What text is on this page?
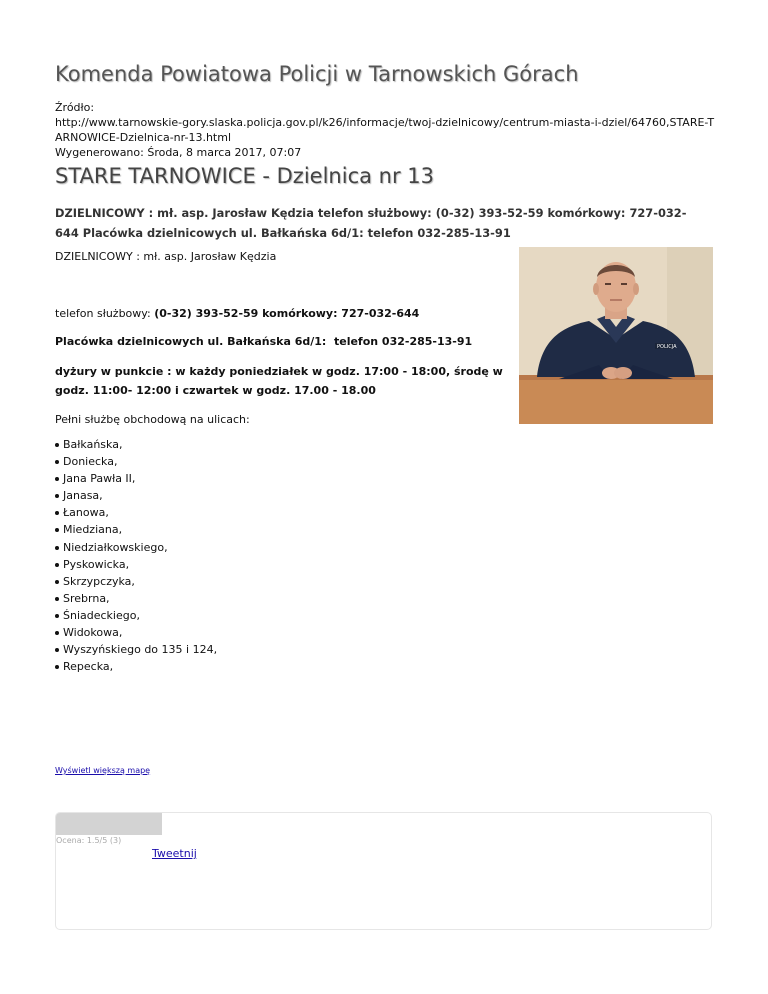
Komenda Powiatowa Policji w Tarnowskich Górach
Źródło:
http://www.tarnowskie-gory.slaska.policja.gov.pl/k26/informacje/twoj-dzielnicowy/centrum-miasta-i-dziel/64760,STARE-TARNOWICE-Dzielnica-nr-13.html
Wygenerowano: Środa, 8 marca 2017, 07:07
STARE TARNOWICE - Dzielnica nr 13
DZIELNICOWY : mł. asp. Jarosław Kędzia telefon służbowy: (0-32) 393-52-59 komórkowy: 727-032-644 Placówka dzielnicowych ul. Bałkańska 6d/1: telefon 032-285-13-91
DZIELNICOWY : mł. asp. Jarosław Kędzia
telefon służbowy: (0-32) 393-52-59 komórkowy: 727-032-644
Placówka dzielnicowych ul. Bałkańska 6d/1:  telefon 032-285-13-91
dyżury w punkcie : w każdy poniedziałek w godz. 17:00 - 18:00, środę w godz. 11:00- 12:00 i czwartek w godz. 17.00 - 18.00
Pełni służbę obchodową na ulicach:
Bałkańska,
Doniecka,
Jana Pawła II,
Janasa,
Łanowa,
Miedziana,
Niedziałkowskiego,
Pyskowicka,
Skrzypczyka,
Srebrna,
Śniadeckiego,
Widokowa,
Wyszyńskiego do 135 i 124,
Repecka,
POLICJA
Wyświetl większą mapę
Ocena: 1.5/5 (3)
Tweetnij
